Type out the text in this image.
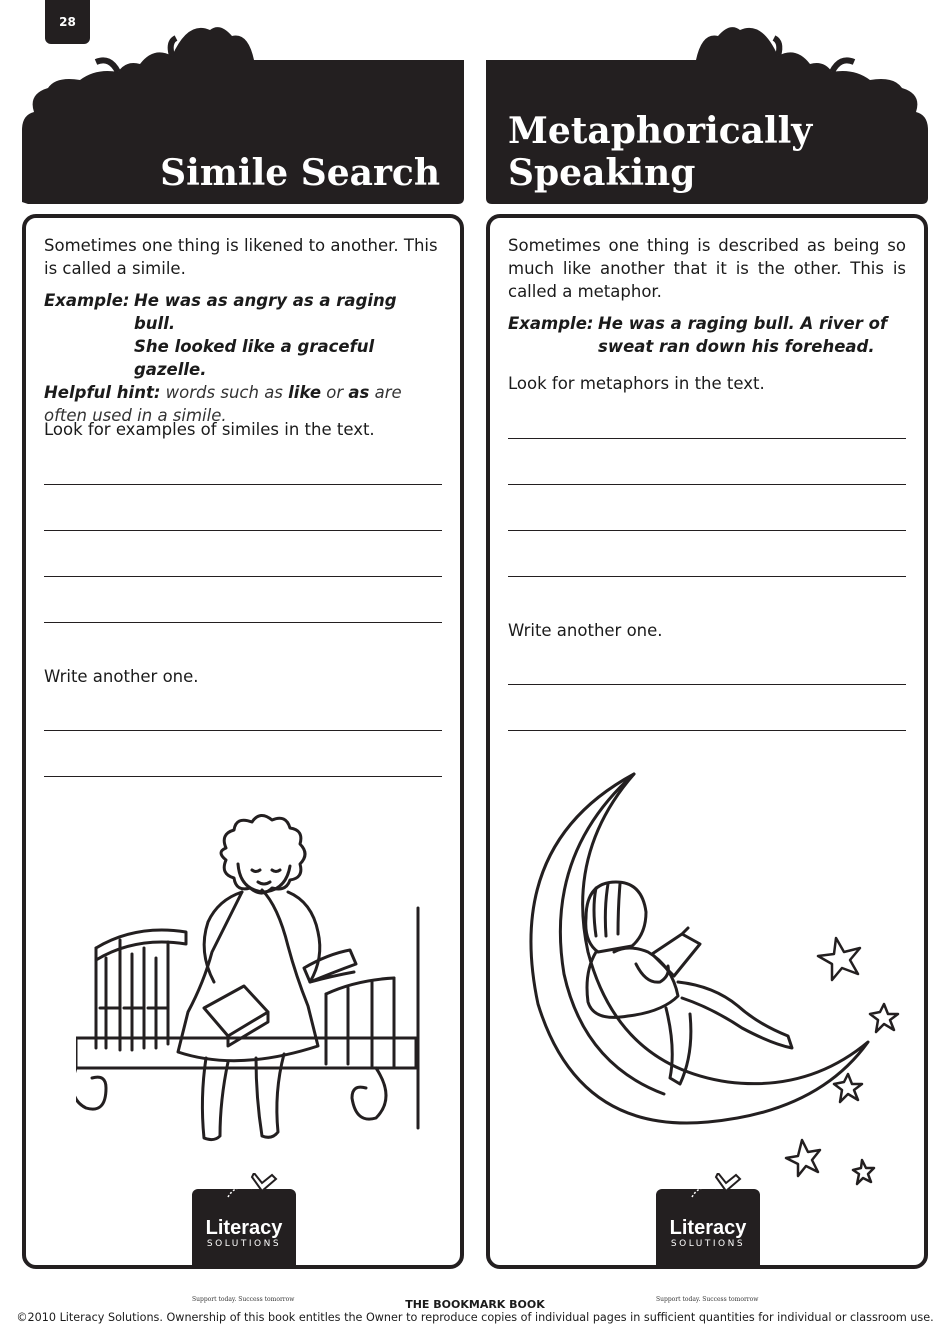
28
Simile Search
Metaphorically
Speaking

Sometimes one thing is likened to another. This is called a simile.

Example: He was as angry as a raging bull.
She looked like a graceful gazelle.

Helpful hint: words such as like or as are often used in a simile.

Look for examples of similes in the text.
Write another one.
Literacy
SOLUTIONS

Sometimes one thing is described as being so much like another that it is the other. This is called a metaphor.

Example: He was a raging bull. A river of sweat ran down his forehead.
Look for metaphors in the text.
Write another one.
Literacy
SOLUTIONS
Support today. Success tomorrow	Support today. Success tomorrow
THE BOOKMARK BOOK
©2010 Literacy Solutions. Ownership of this book entitles the Owner to reproduce copies of individual pages in sufficient quantities for individual or classroom use.
